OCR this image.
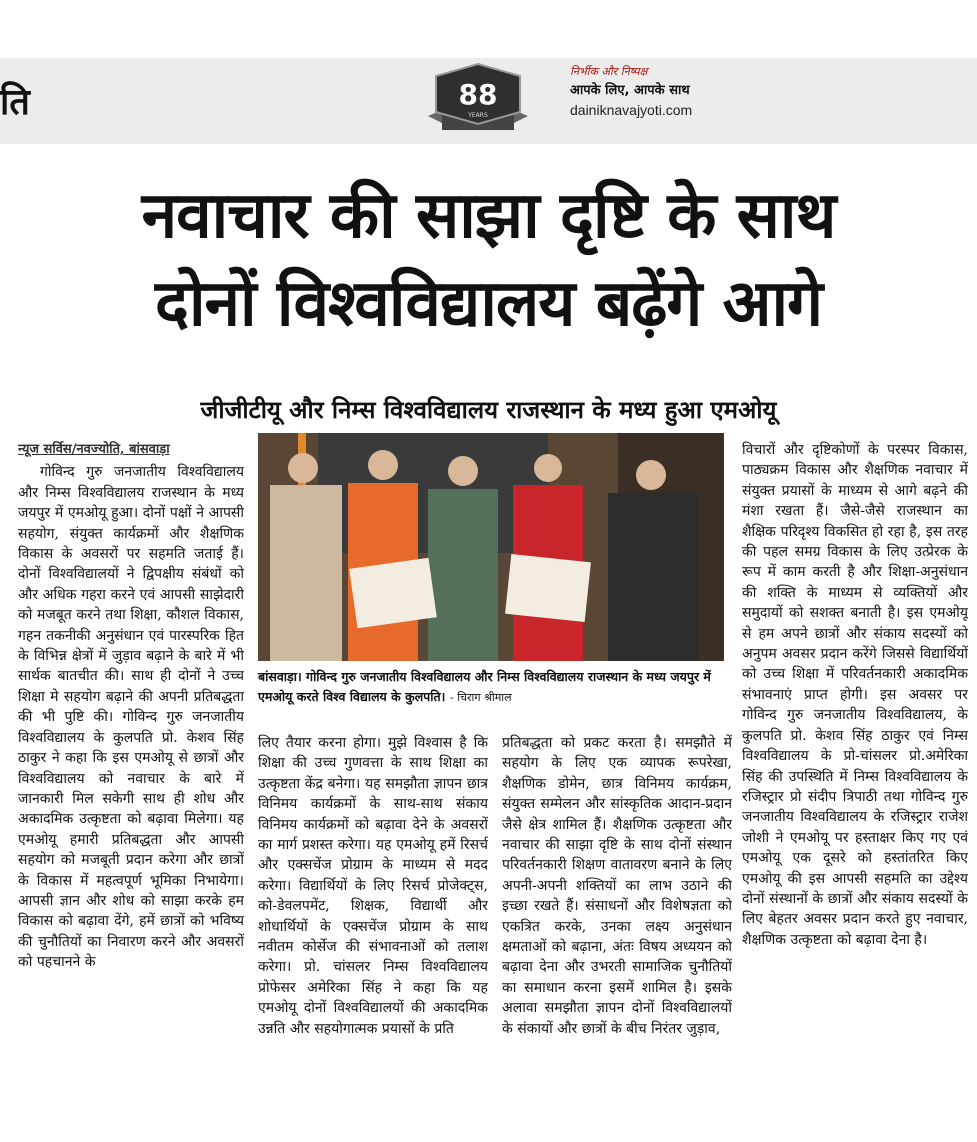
ति	88
YEARS
निर्भीक और निष्पक्ष
आपके लिए, आपके साथ
dainiknavajyoti.com
नवाचार की साझा दृष्टि के साथ
दोनों विश्वविद्यालय बढ़ेंगे आगे
जीजीटीयू और निम्स विश्वविद्यालय राजस्थान के मध्य हुआ एमओयू
न्यूज सर्विस/नवज्योति, बांसवाड़ा

गोविन्द गुरु जनजातीय विश्वविद्यालय और निम्स विश्वविद्यालय राजस्थान के मध्य जयपुर में एमओयू हुआ। दोनों पक्षों ने आपसी सहयोग, संयुक्त कार्यक्रमों और शैक्षणिक विकास के अवसरों पर सहमति जताई हैं। दोनों विश्वविद्यालयों ने द्विपक्षीय संबंधों को और अधिक गहरा करने एवं आपसी साझेदारी को मजबूत करने तथा शिक्षा, कौशल विकास, गहन तकनीकी अनुसंधान एवं पारस्परिक हित के विभिन्न क्षेत्रों में जुड़ाव बढ़ाने के बारे में भी सार्थक बातचीत की। साथ ही दोनों ने उच्च शिक्षा मे सहयोग बढ़ाने की अपनी प्रतिबद्धता की भी पुष्टि की। गोविन्द गुरु जनजातीय विश्वविद्यालय के कुलपति प्रो. केशव सिंह ठाकुर ने कहा कि इस एमओयू से छात्रों और विश्वविद्यालय को नवाचार के बारे में जानकारी मिल सकेगी साथ ही शोध और अकादमिक उत्कृष्टता को बढ़ावा मिलेगा। यह एमओयू हमारी प्रतिबद्धता और आपसी सहयोग को मजबूती प्रदान करेगा और छात्रों के विकास में महत्वपूर्ण भूमिका निभायेगा। आपसी ज्ञान और शोध को साझा करके हम विकास को बढ़ावा देंगे, हमें छात्रों को भविष्य की चुनौतियों का निवारण करने और अवसरों को पहचानने के

बांसवाड़ा। गोविन्द गुरु जनजातीय विश्वविद्यालय और निम्स विश्वविद्यालय राजस्थान के मध्य जयपुर में एमओयू करते विश्व विद्यालय के कुलपति। - चिराग श्रीमाल

लिए तैयार करना होगा। मुझे विश्वास है कि शिक्षा की उच्च गुणवत्ता के साथ शिक्षा का उत्कृष्टता केंद्र बनेगा। यह समझौता ज्ञापन छात्र विनिमय कार्यक्रमों के साथ-साथ संकाय विनिमय कार्यक्रमों को बढ़ावा देने के अवसरों का मार्ग प्रशस्त करेगा। यह एमओयू हमें रिसर्च और एक्सचेंज प्रोग्राम के माध्यम से मदद करेगा। विद्यार्थियों के लिए रिसर्च प्रोजेक्ट्स, को-डेवलपमेंट, शिक्षक, विद्यार्थी और शोधार्थियों के एक्सचेंज प्रोग्राम के साथ नवीतम कोर्सेज की संभावनाओं को तलाश करेगा। प्रो. चांसलर निम्स विश्वविद्यालय प्रोफेसर अमेरिका सिंह ने कहा कि यह एमओयू दोनों विश्वविद्यालयों की अकादमिक उन्नति और सहयोगात्मक प्रयासों के प्रति

प्रतिबद्धता को प्रकट करता है। समझौते में सहयोग के लिए एक व्यापक रूपरेखा, शैक्षणिक डोमेन, छात्र विनिमय कार्यक्रम, संयुक्त सम्मेलन और सांस्कृतिक आदान-प्रदान जैसे क्षेत्र शामिल हैं। शैक्षणिक उत्कृष्टता और नवाचार की साझा दृष्टि के साथ दोनों संस्थान परिवर्तनकारी शिक्षण वातावरण बनाने के लिए अपनी-अपनी शक्तियों का लाभ उठाने की इच्छा रखते हैं। संसाधनों और विशेषज्ञता को एकत्रित करके, उनका लक्ष्य अनुसंधान क्षमताओं को बढ़ाना, अंतः विषय अध्ययन को बढ़ावा देना और उभरती सामाजिक चुनौतियों का समाधान करना इसमें शामिल है। इसके अलावा समझौता ज्ञापन दोनों विश्वविद्यालयों के संकायों और छात्रों के बीच निरंतर जुड़ाव,

विचारों और दृष्टिकोणों के परस्पर विकास, पाठ्यक्रम विकास और शैक्षणिक नवाचार में संयुक्त प्रयासों के माध्यम से आगे बढ़ने की मंशा रखता हैं। जैसे-जैसे राजस्थान का शैक्षिक परिदृश्य विकसित हो रहा है, इस तरह की पहल समग्र विकास के लिए उत्प्रेरक के रूप में काम करती है और शिक्षा-अनुसंधान की शक्ति के माध्यम से व्यक्तियों और समुदायों को सशक्त बनाती है। इस एमओयू से हम अपने छात्रों और संकाय सदस्यों को अनुपम अवसर प्रदान करेंगे जिससे विद्यार्थियों को उच्च शिक्षा में परिवर्तनकारी अकादमिक संभावनाएं प्राप्त होगी। इस अवसर पर गोविन्द गुरु जनजातीय विश्वविद्यालय, के कुलपति प्रो. केशव सिंह ठाकुर एवं निम्स विश्वविद्यालय के प्रो-चांसलर प्रो.अमेरिका सिंह की उपस्थिति में निम्स विश्वविद्यालय के रजिस्ट्रार प्रो संदीप त्रिपाठी तथा गोविन्द गुरु जनजातीय विश्वविद्यालय के रजिस्ट्रार राजेश जोशी ने एमओयू पर हस्ताक्षर किए गए एवं एमओयू एक दूसरे को हस्तांतरित किए एमओयू की इस आपसी सहमति का उद्देश्य दोनों संस्थानों के छात्रों और संकाय सदस्यों के लिए बेहतर अवसर प्रदान करते हुए नवाचार, शैक्षणिक उत्कृष्टता को बढ़ावा देना है।
